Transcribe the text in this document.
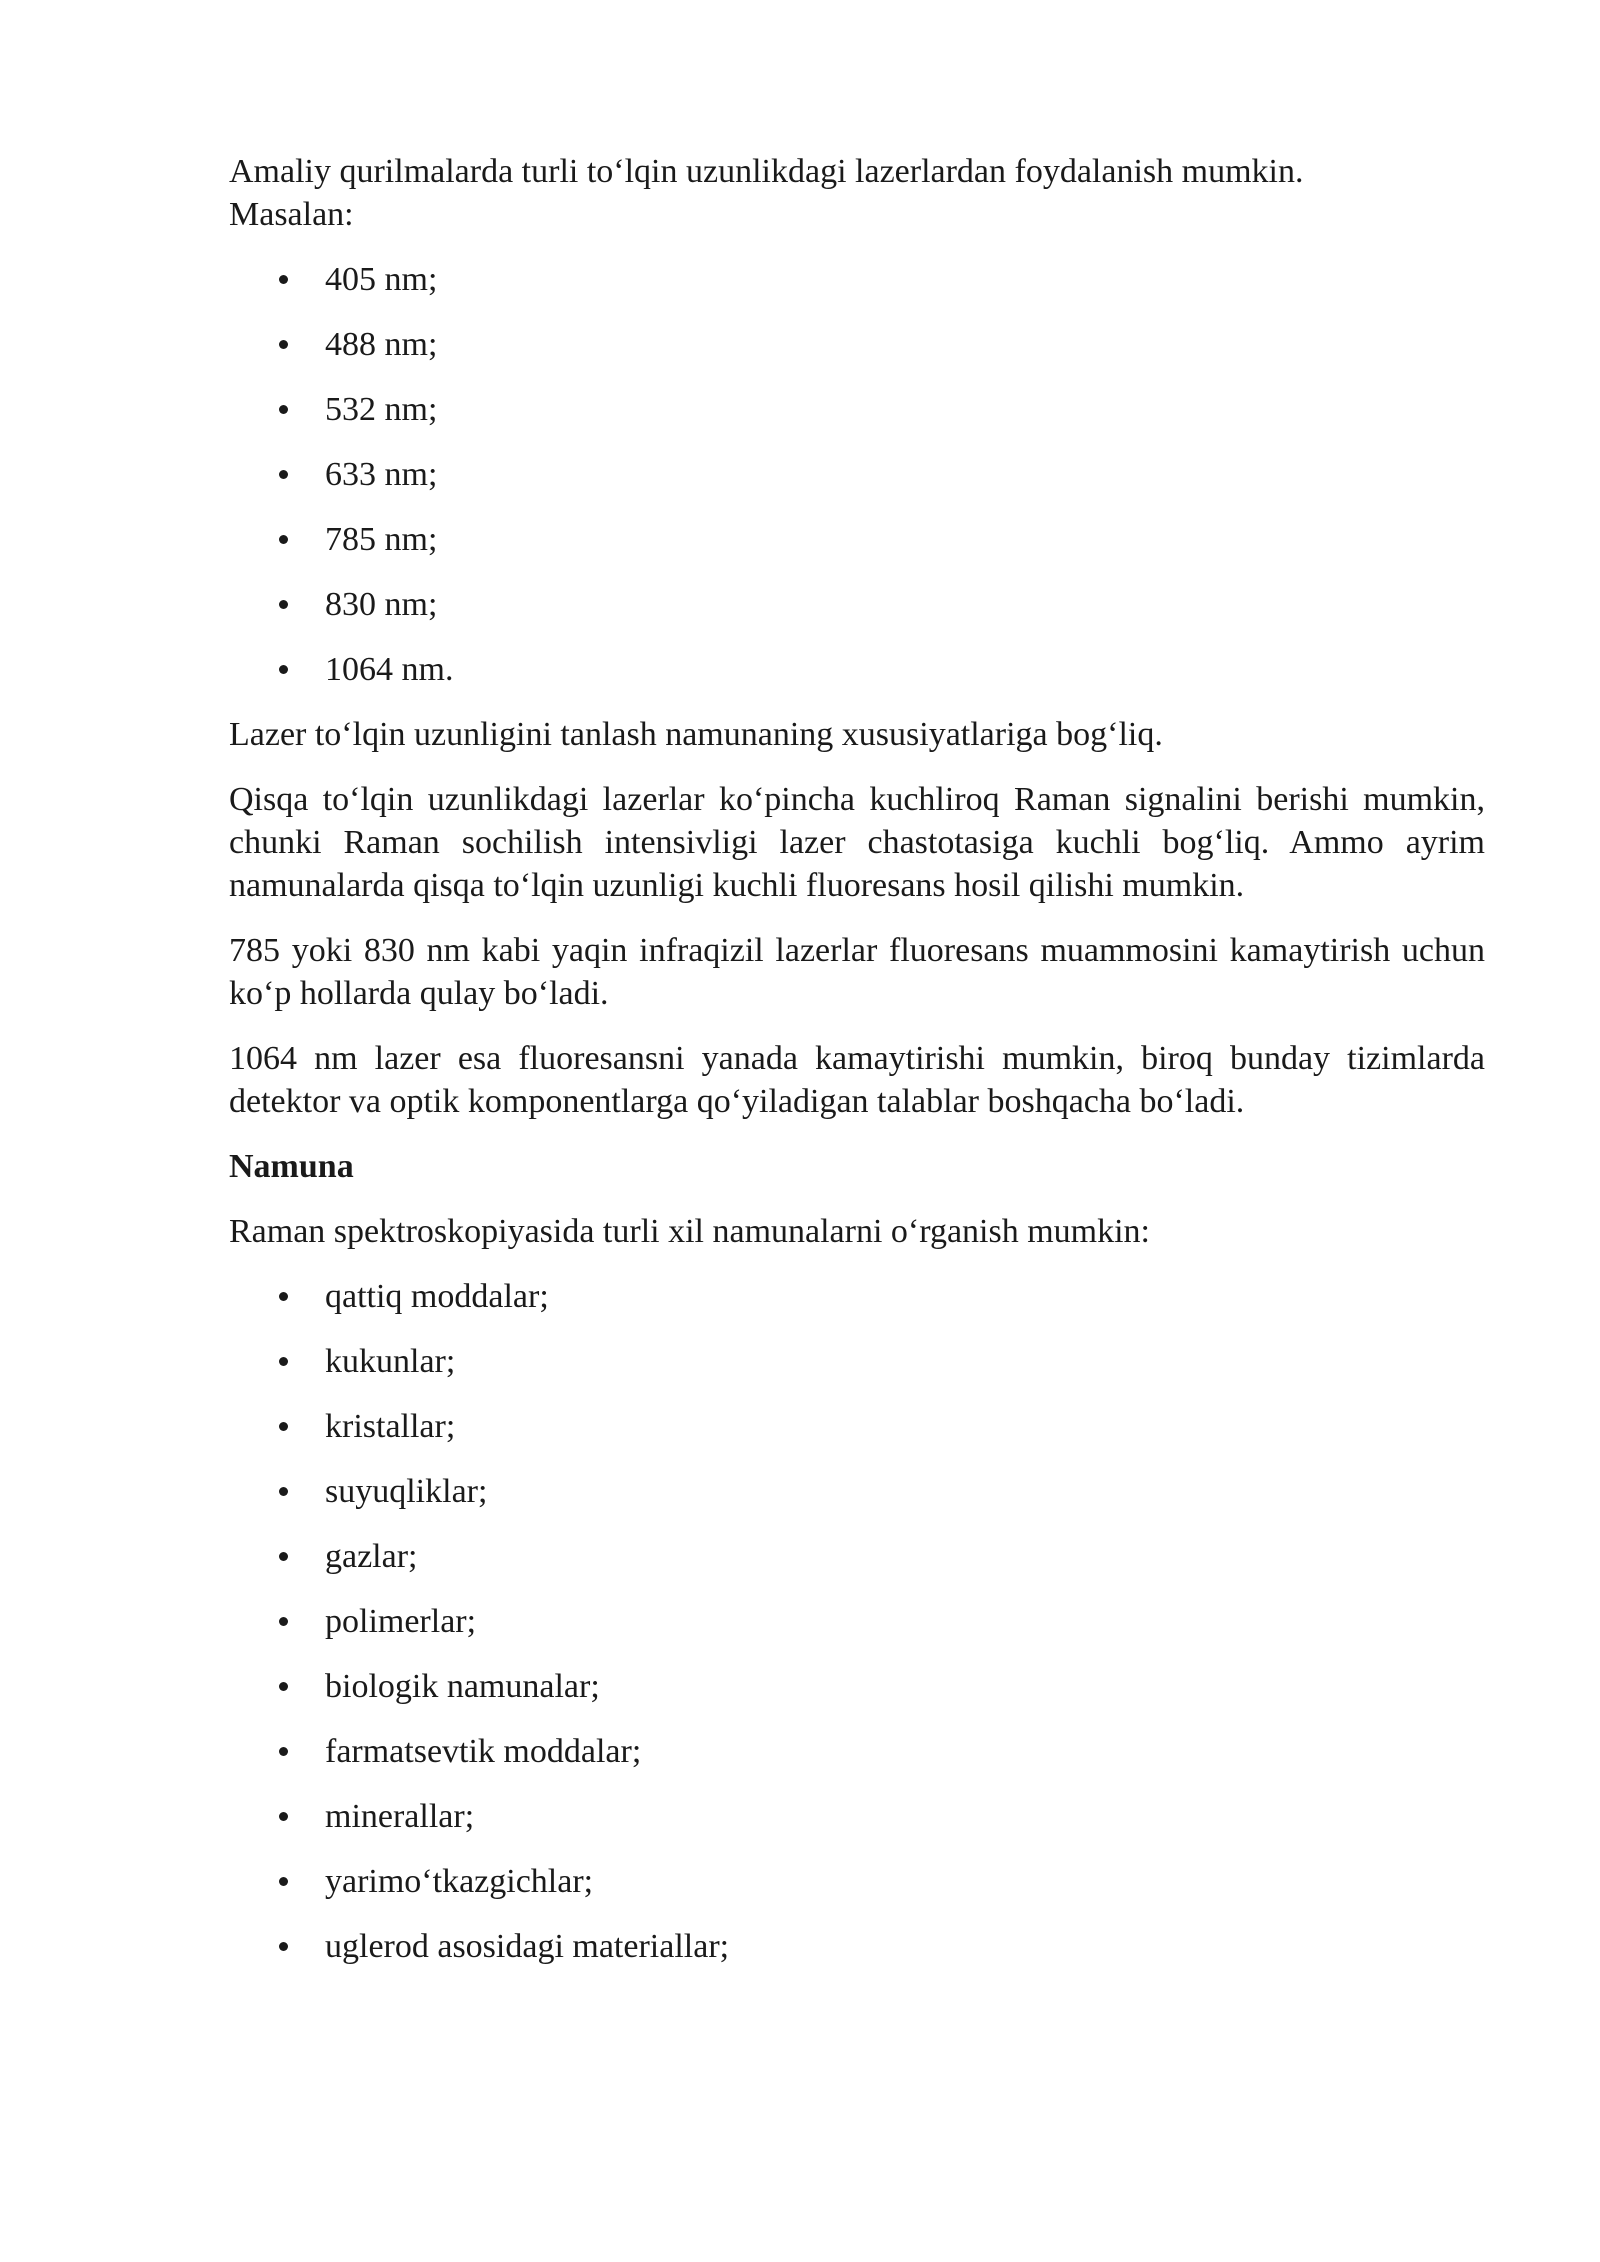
Amaliy qurilmalarda turli to‘lqin uzunlikdagi lazerlardan foydalanish mumkin.
Masalan:

405 nm;
488 nm;
532 nm;
633 nm;
785 nm;
830 nm;
1064 nm.

Lazer to‘lqin uzunligini tanlash namunaning xususiyatlariga bog‘liq.

Qisqa to‘lqin uzunlikdagi lazerlar ko‘pincha kuchliroq Raman signalini berishi mumkin, chunki Raman sochilish intensivligi lazer chastotasiga kuchli bog‘liq. Ammo ayrim namunalarda qisqa to‘lqin uzunligi kuchli fluoresans hosil qilishi mumkin.

785 yoki 830 nm kabi yaqin infraqizil lazerlar fluoresans muammosini kamaytirish uchun ko‘p hollarda qulay bo‘ladi.

1064 nm lazer esa fluoresansni yanada kamaytirishi mumkin, biroq bunday tizimlarda detektor va optik komponentlarga qo‘yiladigan talablar boshqacha bo‘ladi.

Namuna

Raman spektroskopiyasida turli xil namunalarni o‘rganish mumkin:

qattiq moddalar;
kukunlar;
kristallar;
suyuqliklar;
gazlar;
polimerlar;
biologik namunalar;
farmatsevtik moddalar;
minerallar;
yarimo‘tkazgichlar;
uglerod asosidagi materiallar;
